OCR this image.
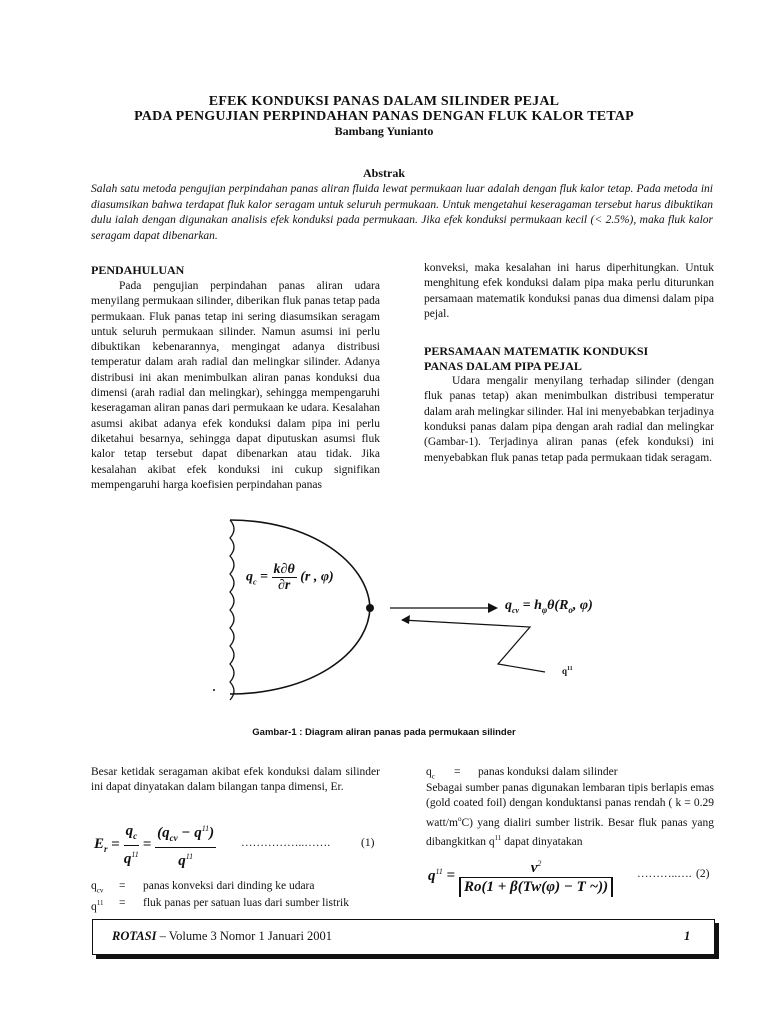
EFEK KONDUKSI PANAS DALAM SILINDER PEJAL
PADA PENGUJIAN PERPINDAHAN PANAS DENGAN FLUK KALOR TETAP
Bambang Yunianto
Abstrak
Salah satu metoda pengujian perpindahan panas aliran fluida lewat permukaan luar adalah dengan fluk kalor tetap. Pada metoda ini diasumsikan bahwa terdapat fluk kalor seragam untuk seluruh permukaan. Untuk mengetahui keseragaman tersebut harus dibuktikan dulu ialah dengan digunakan analisis efek konduksi pada permukaan. Jika efek konduksi permukaan kecil (< 2.5%), maka fluk kalor seragam dapat dibenarkan.
PENDAHULUAN

Pada pengujian perpindahan panas aliran udara menyilang permukaan silinder, diberikan fluk panas tetap pada permukaan. Fluk panas tetap ini sering diasumsikan seragam untuk seluruh permukaan silinder. Namun asumsi ini perlu dibuktikan kebenarannya, mengingat adanya distribusi temperatur dalam arah radial dan melingkar silinder. Adanya distribusi ini akan menimbulkan aliran panas konduksi dua dimensi (arah radial dan melingkar), sehingga mempengaruhi keseragaman aliran panas dari permukaan ke udara. Kesalahan asumsi akibat adanya efek konduksi dalam pipa ini perlu diketahui besarnya, sehingga dapat diputuskan asumsi fluk kalor tetap tersebut dapat dibenarkan atau tidak. Jika kesalahan akibat efek konduksi ini cukup signifikan mempengaruhi harga koefisien perpindahan panas

konveksi, maka kesalahan ini harus diperhitungkan. Untuk menghitung efek konduksi dalam pipa maka perlu diturunkan persamaan matematik konduksi panas dua dimensi dalam pipa pejal.

PERSAMAAN MATEMATIK KONDUKSI
PANAS DALAM PIPA PEJAL

Udara mengalir menyilang terhadap silinder (dengan fluk panas tetap) akan menimbulkan distribusi temperatur dalam arah melingkar silinder. Hal ini menyebabkan terjadinya konduksi panas dalam pipa dengan arah radial dan melingkar (Gambar-1). Terjadinya aliran panas (efek konduksi) ini menyebabkan fluk panas tetap pada permukaan tidak seragam.

$q_c = \frac{k\partial\theta}{\partial r} (r$ , φ)
$q_{cv} = h_\varphi\theta(R_o$, φ)
$q^{11}$
Gambar-1 : Diagram aliran panas pada permukaan silinder
Besar ketidak seragaman akibat efek konduksi dalam silinder ini dapat dinyatakan dalam bilangan tanpa dimensi, Er.
$E_r = \frac{q_c}{q^{11}}$ =
$(q_{cv} - q^{11})$
$q^{11}$
……………..…….	(1)
$q_{cv}$	=	panas konveksi dari dinding ke udara
$q^{11}$	=	fluk panas per satuan luas dari sumber listrik
$q_c$	=	panas konduksi dalam silinder
Sebagai sumber panas digunakan lembaran tipis berlapis emas (gold coated foil) dengan konduktansi panas rendah ( k = 0.29 watt/$m^oC$) yang dialiri sumber listrik. Besar fluk panas yang dibangkitkan $q^{11}$ dapat dinyatakan
$q^{11} = \frac{v^2}{Ro(1 + \beta(Tw(\varphi) - T \sim))}$ ………..…. (2)
ROTASI – Volume 3 Nomor 1 Januari 2001	1
